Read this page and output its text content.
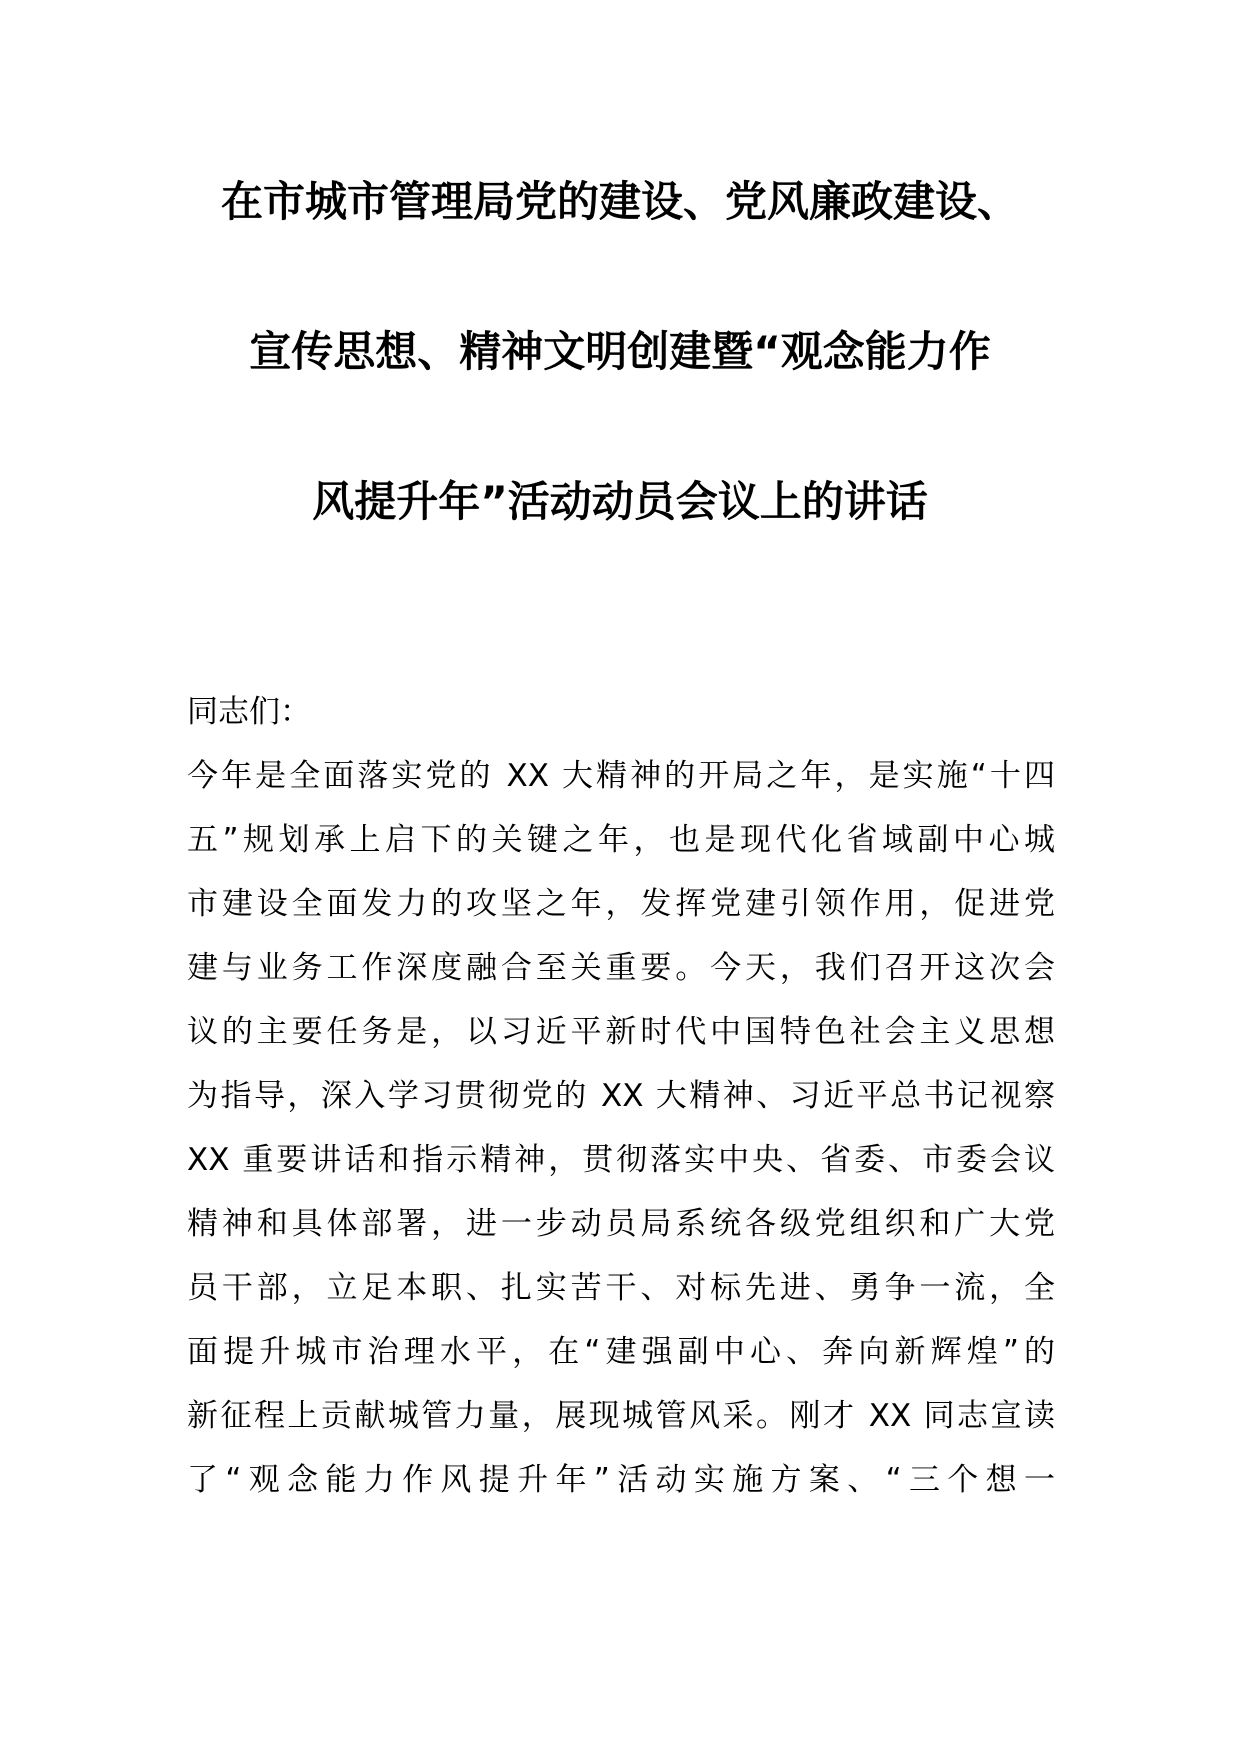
在市城市管理局党的建设、党风廉政建设、
宣传思想、精神文明创建暨“观念能力作
风提升年”活动动员会议上的讲话
同志们：
今年是全面落实党的 XX 大精神的开局之年，是实施“十四
五”规划承上启下的关键之年，也是现代化省域副中心城
市建设全面发力的攻坚之年，发挥党建引领作用，促进党
建与业务工作深度融合至关重要。今天，我们召开这次会
议的主要任务是，以习近平新时代中国特色社会主义思想
为指导，深入学习贯彻党的 XX 大精神、习近平总书记视察
XX 重要讲话和指示精神，贯彻落实中央、省委、市委会议
精神和具体部署，进一步动员局系统各级党组织和广大党
员干部，立足本职、扎实苦干、对标先进、勇争一流，全
面提升城市治理水平，在“建强副中心、奔向新辉煌”的
新征程上贡献城管力量，展现城管风采。刚才 XX 同志宣读
了“观念能力作风提升年”活动实施方案、“三个想一
